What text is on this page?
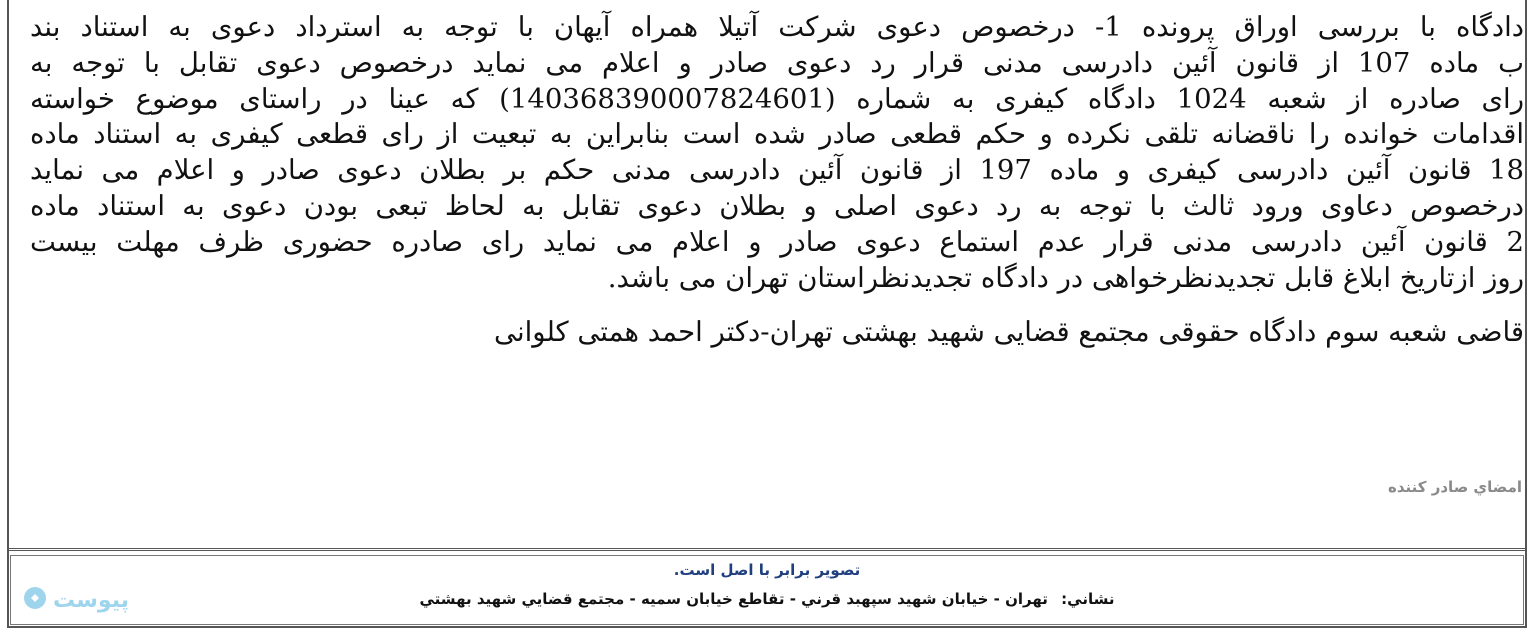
دادگاه با بررسی اوراق پرونده 1- درخصوص دعوی شرکت آتیلا همراه آیهان با توجه به استرداد دعوی به استناد بند
ب ماده 107 از قانون آئین دادرسی مدنی قرار رد دعوی صادر و اعلام می نماید درخصوص دعوی تقابل با توجه به
رای صادره از شعبه 1024 دادگاه کیفری به شماره (140368390007824601) که عینا در راستای موضوع خواسته
اقدامات خوانده را ناقضانه تلقی نکرده و حکم قطعی صادر شده است بنابراین به تبعیت از رای قطعی کیفری به استناد ماده
18 قانون آئین دادرسی کیفری و ماده 197 از قانون آئین دادرسی مدنی حکم بر بطلان دعوی صادر و اعلام می نماید
درخصوص دعاوی ورود ثالث با توجه به رد دعوی اصلی و بطلان دعوی تقابل به لحاظ تبعی بودن دعوی به استناد ماده
2 قانون آئین دادرسی مدنی قرار عدم استماع دعوی صادر و اعلام می نماید رای صادره حضوری ظرف مهلت بیست
روز ازتاریخ ابلاغ قابل تجدیدنظرخواهی در دادگاه تجدیدنظراستان تهران می باشد.

قاضی شعبه سوم دادگاه حقوقی مجتمع قضایی شهید بهشتی تهران-دکتر احمد همتی کلوانی

امضاي صادر كننده
تصوير برابر با اصل است.
نشاني: تهران - خيابان شهيد سپهبد قرني - تقاطع خيابان سميه - مجتمع قضايي شهيد بهشتي
پیوست
